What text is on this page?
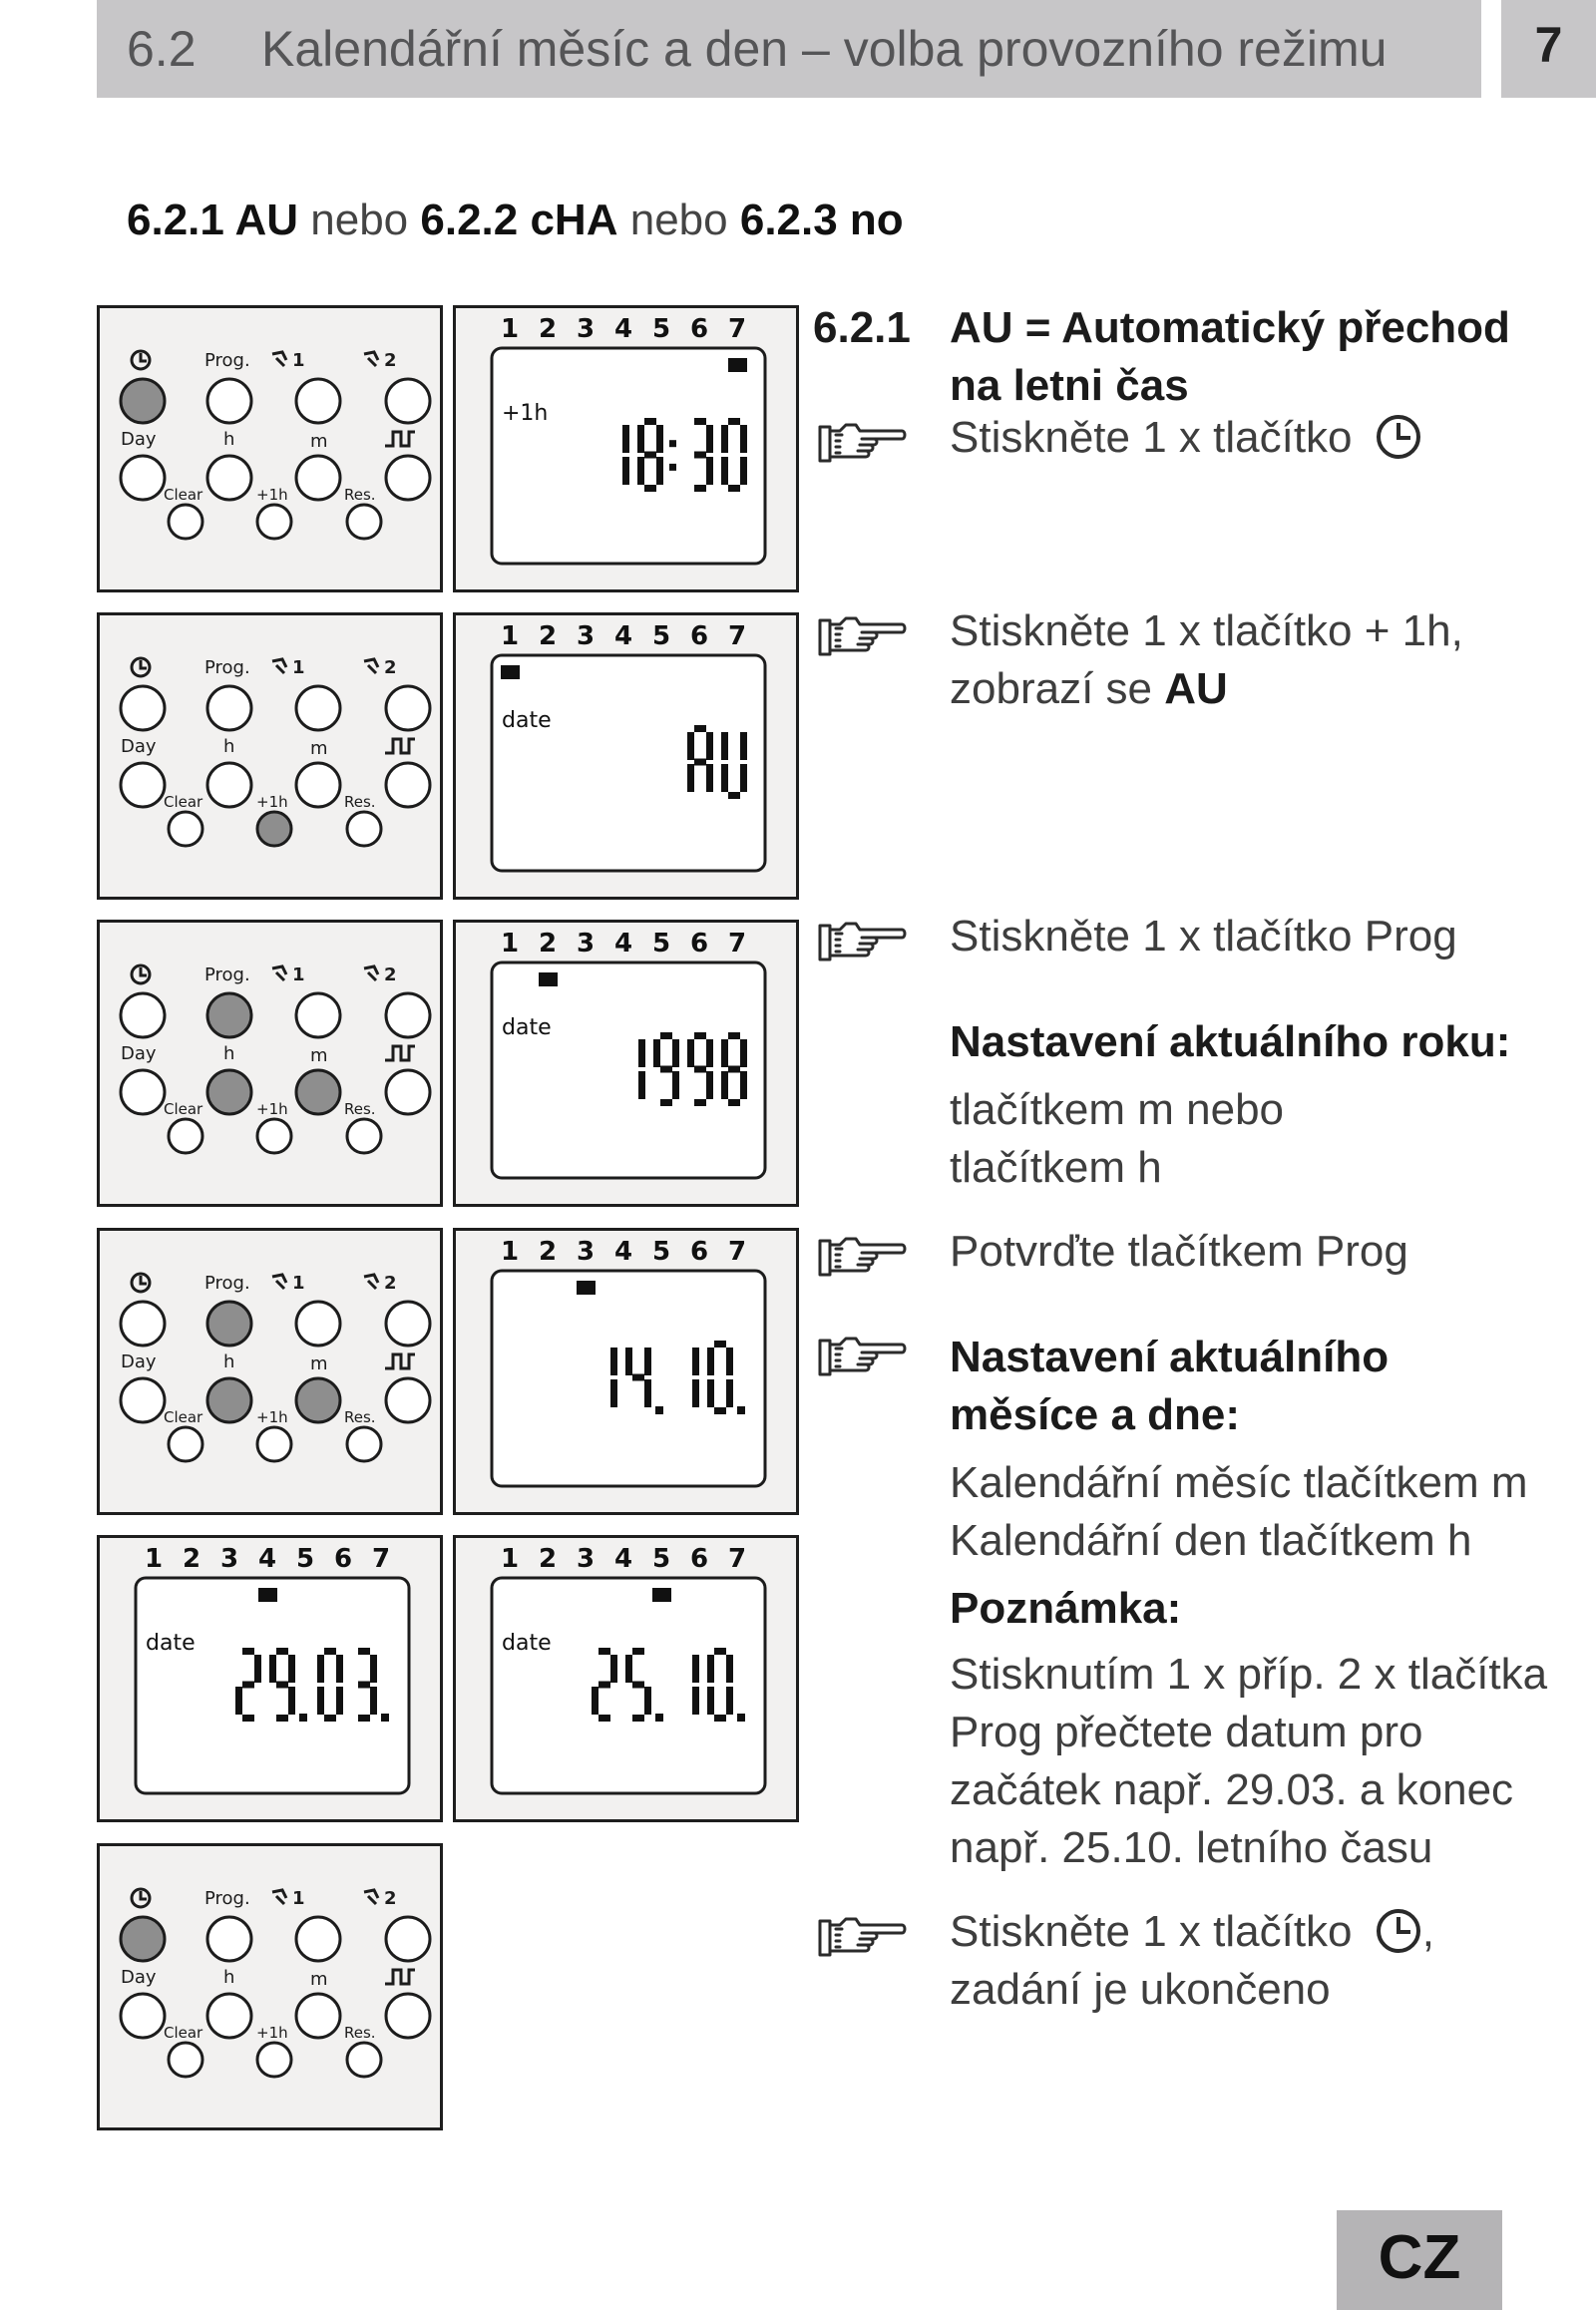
6.2 Kalendářní měsíc a den – volba provozního režimu	7
6.2.1 AU nebo 6.2.2 cHA nebo 6.2.3 no
Prog. 1	2
Day	h	m
Clear	+1h	Res.
Prog. 1	2
Day	h	m
Clear	+1h	Res.
Prog. 1	2
Day	h	m
Clear	+1h	Res.
Prog. 1	2
Day	h	m
Clear	+1h	Res.
Prog. 1	2
Day	h	m
Clear	+1h	Res.
1 2 3 4 5 6 7
+1h
1 2 3 4 5 6 7
date
1 2 3 4 5 6 7
date
1 2 3 4 5 6 7
1 2 3 4 5 6 7
date
1 2 3 4 5 6 7
date
6.2.1 AU = Automatický přechod
na letni čas
Stiskněte 1 x tlačítko
Stiskněte 1 x tlačítko + 1h,
zobrazí se AU
Stiskněte 1 x tlačítko Prog
Nastavení aktuálního roku:
tlačítkem m nebo
tlačítkem h
Potvrďte tlačítkem Prog
Nastavení aktuálního
měsíce a dne:
Kalendářní měsíc tlačítkem m
Kalendářní den tlačítkem h
Poznámka:
Stisknutím 1 x příp. 2 x tlačítka
Prog přečtete datum pro
začátek např. 29.03. a konec
např. 25.10. letního času
Stiskněte 1 x tlačítko ,
zadání je ukončeno
CZ
